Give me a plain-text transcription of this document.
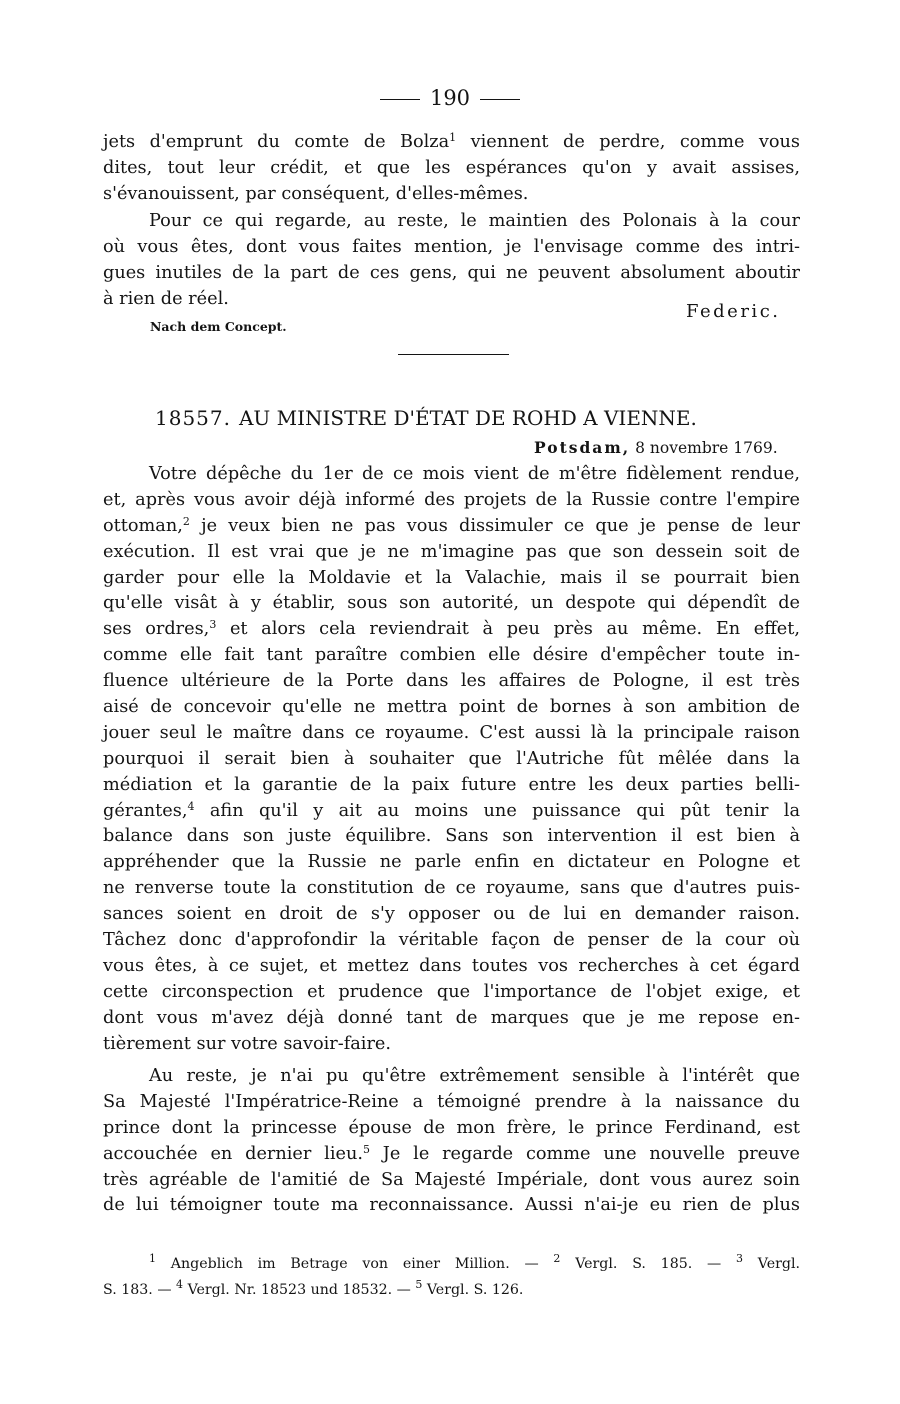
190
jets d'emprunt du comte de Bolza$^1$ viennent de perdre, comme vous
dites, tout leur crédit, et que les espérances qu'on y avait assises,
s'évanouissent, par conséquent, d'elles-mêmes.
Pour ce qui regarde, au reste, le maintien des Polonais à la cour
où vous êtes, dont vous faites mention, je l'envisage comme des intri-
gues inutiles de la part de ces gens, qui ne peuvent absolument aboutir
à rien de réel.
Federic.
Nach dem Concept.
18557. AU MINISTRE D'ÉTAT DE ROHD A VIENNE.
Potsdam, 8 novembre 1769.
Votre dépêche du 1er de ce mois vient de m'être fidèlement rendue,
et, après vous avoir déjà informé des projets de la Russie contre l'empire
ottoman,$^2$ je veux bien ne pas vous dissimuler ce que je pense de leur
exécution. Il est vrai que je ne m'imagine pas que son dessein soit de
garder pour elle la Moldavie et la Valachie, mais il se pourrait bien
qu'elle visât à y établir, sous son autorité, un despote qui dépendît de
ses ordres,$^3$ et alors cela reviendrait à peu près au même. En effet,
comme elle fait tant paraître combien elle désire d'empêcher toute in-
fluence ultérieure de la Porte dans les affaires de Pologne, il est très
aisé de concevoir qu'elle ne mettra point de bornes à son ambition de
jouer seul le maître dans ce royaume. C'est aussi là la principale raison
pourquoi il serait bien à souhaiter que l'Autriche fût mêlée dans la
médiation et la garantie de la paix future entre les deux parties belli-
gérantes,$^4$ afin qu'il y ait au moins une puissance qui pût tenir la
balance dans son juste équilibre. Sans son intervention il est bien à
appréhender que la Russie ne parle enfin en dictateur en Pologne et
ne renverse toute la constitution de ce royaume, sans que d'autres puis-
sances soient en droit de s'y opposer ou de lui en demander raison.
Tâchez donc d'approfondir la véritable façon de penser de la cour où
vous êtes, à ce sujet, et mettez dans toutes vos recherches à cet égard
cette circonspection et prudence que l'importance de l'objet exige, et
dont vous m'avez déjà donné tant de marques que je me repose en-
tièrement sur votre savoir-faire.
Au reste, je n'ai pu qu'être extrêmement sensible à l'intérêt que
Sa Majesté l'Impératrice-Reine a témoigné prendre à la naissance du
prince dont la princesse épouse de mon frère, le prince Ferdinand, est
accouchée en dernier lieu.$^5$ Je le regarde comme une nouvelle preuve
très agréable de l'amitié de Sa Majesté Impériale, dont vous aurez soin
de lui témoigner toute ma reconnaissance. Aussi n'ai-je eu rien de plus
$^1$ Angeblich im Betrage von einer Million. — $^2$ Vergl. S. 185. — $^3$ Vergl.
S. 183. — $^4$ Vergl. Nr. 18523 und 18532. — $^5$ Vergl. S. 126.
